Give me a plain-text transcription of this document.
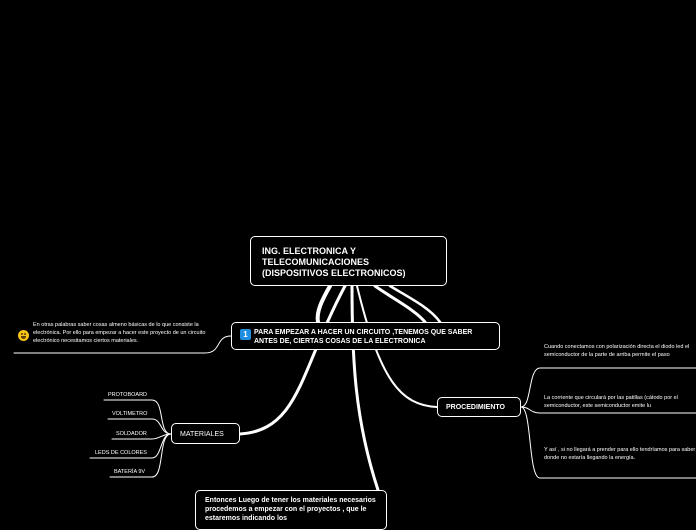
ING. ELECTRONICA Y TELECOMUNICACIONES (DISPOSITIVOS ELECTRONICOS)
1 PARA EMPEZAR A HACER UN CIRCUITO ,TENEMOS QUE SABER ANTES DE, CIERTAS COSAS DE LA ELECTRONICA
En otras palabras saber cosas almeno básicas de lo que consiste la electrónica. Por ello para empezar a hacer este proyecto de un circuito electrónico necesitamos ciertos materiales.
MATERIALES
PROTOBOARD
VOLTIMETRO
SOLDADOR
LEDS DE COLORES
BATERÍA 9V
PROCEDIMIENTO
Cuando conectamos con polarización directa el diodo led el semiconductor de la parte de arriba permite el paso
La corriente que circulará por las patillas (cátodo por el semiconductor, este semiconductor emite lu
Y así , si no llegará a prender para ello tendríamos para saber donde no estaría llegando la energía.
Entonces Luego de tener los materiales necesarios procedemos a empezar con el proyectos , que le estaremos indicando los
